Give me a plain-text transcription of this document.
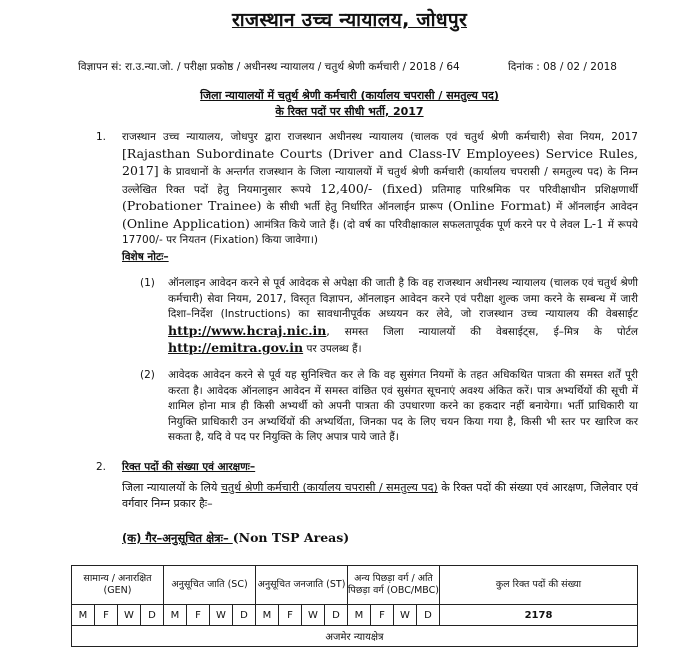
राजस्थान उच्च न्यायालय, जोधपुर
विज्ञापन सं: रा.उ.न्या.जो. / परीक्षा प्रकोष्ठ / अधीनस्थ न्यायालय / चतुर्थ श्रेणी कर्मचारी / 2018 / 64	दिनांक : 08 / 02 / 2018
जिला न्यायालयों में चतुर्थ श्रेणी कर्मचारी (कार्यालय चपरासी / समतुल्य पद)
के रिक्त पदों पर सीधी भर्ती, 2017
1. राजस्थान उच्च न्यायालय, जोधपुर द्वारा राजस्थान अधीनस्थ न्यायालय (चालक एवं चतुर्थ श्रेणी कर्मचारी) सेवा नियम, 2017 [Rajasthan Subordinate Courts (Driver and Class-IV Employees) Service Rules, 2017] के प्रावधानों के अन्तर्गत राजस्थान के जिला न्यायालयों में चतुर्थ श्रेणी कर्मचारी (कार्यालय चपरासी / समतुल्य पद) के निम्न उल्लेखित रिक्त पदों हेतु नियमानुसार रूपये 12,400/- (fixed) प्रतिमाह पारिश्रमिक पर परिवीक्षाधीन प्रशिक्षणार्थी (Probationer Trainee) के सीधी भर्ती हेतु निर्धारित ऑनलाईन प्रारूप (Online Format) में ऑनलाईन आवेदन (Online Application) आमंत्रित किये जाते हैं। (दो वर्ष का परिवीक्षाकाल सफलतापूर्वक पूर्ण करने पर पे लेवल L-1 में रूपये 17700/- पर नियतन (Fixation) किया जावेगा।)
विशेष नोटः–
(1) ऑनलाइन आवेदन करने से पूर्व आवेदक से अपेक्षा की जाती है कि वह राजस्थान अधीनस्थ न्यायालय (चालक एवं चतुर्थ श्रेणी कर्मचारी) सेवा नियम, 2017, विस्तृत विज्ञापन, ऑनलाइन आवेदन करने एवं परीक्षा शुल्क जमा करने के सम्बन्ध में जारी दिशा–निर्देश (Instructions) का सावधानीपूर्वक अध्ययन कर लेवे, जो राजस्थान उच्च न्यायालय की वेबसाईट http://www.hcraj.nic.in, समस्त जिला न्यायालयों की वेबसाईट्स, ई–मित्र के पोर्टल http://emitra.gov.in पर उपलब्ध हैं।
(2) आवेदक आवेदन करने से पूर्व यह सुनिश्चित कर ले कि वह सुसंगत नियमों के तहत अधिकथित पात्रता की समस्त शर्तें पूरी करता है। आवेदक ऑनलाइन आवेदन में समस्त वांछित एवं सुसंगत सूचनाएं अवश्य अंकित करें। पात्र अभ्यर्थियों की सूची में शामिल होना मात्र ही किसी अभ्यर्थी को अपनी पात्रता की उपधारणा करने का हकदार नहीं बनायेगा। भर्ती प्राधिकारी या नियुक्ति प्राधिकारी उन अभ्यर्थियों की अभ्यर्थिता, जिनका पद के लिए चयन किया गया है, किसी भी स्तर पर खारिज कर सकता है, यदि वे पद पर नियुक्ति के लिए अपात्र पाये जाते हैं।
2. रिक्त पदों की संख्या एवं आरक्षणः–
जिला न्यायालयों के लिये चतुर्थ श्रेणी कर्मचारी (कार्यालय चपरासी / समतुल्य पद) के रिक्त पदों की संख्या एवं आरक्षण, जिलेवार एवं वर्गवार निम्न प्रकार हैः–
(क) गैर–अनुसूचित क्षेत्रः– (Non TSP Areas)
सामान्य / अनारक्षित (GEN)				अनुसूचित जाति (SC)				अनुसूचित जनजाति (ST)				अन्य पिछड़ा वर्ग / अति पिछड़ा वर्ग (OBC/MBC)				कुल रिक्त पदों की संख्या
M	F	W	D	M	F	W	D	M	F	W	D	M	F	W	D	2178
अजमेर न्यायक्षेत्र																
